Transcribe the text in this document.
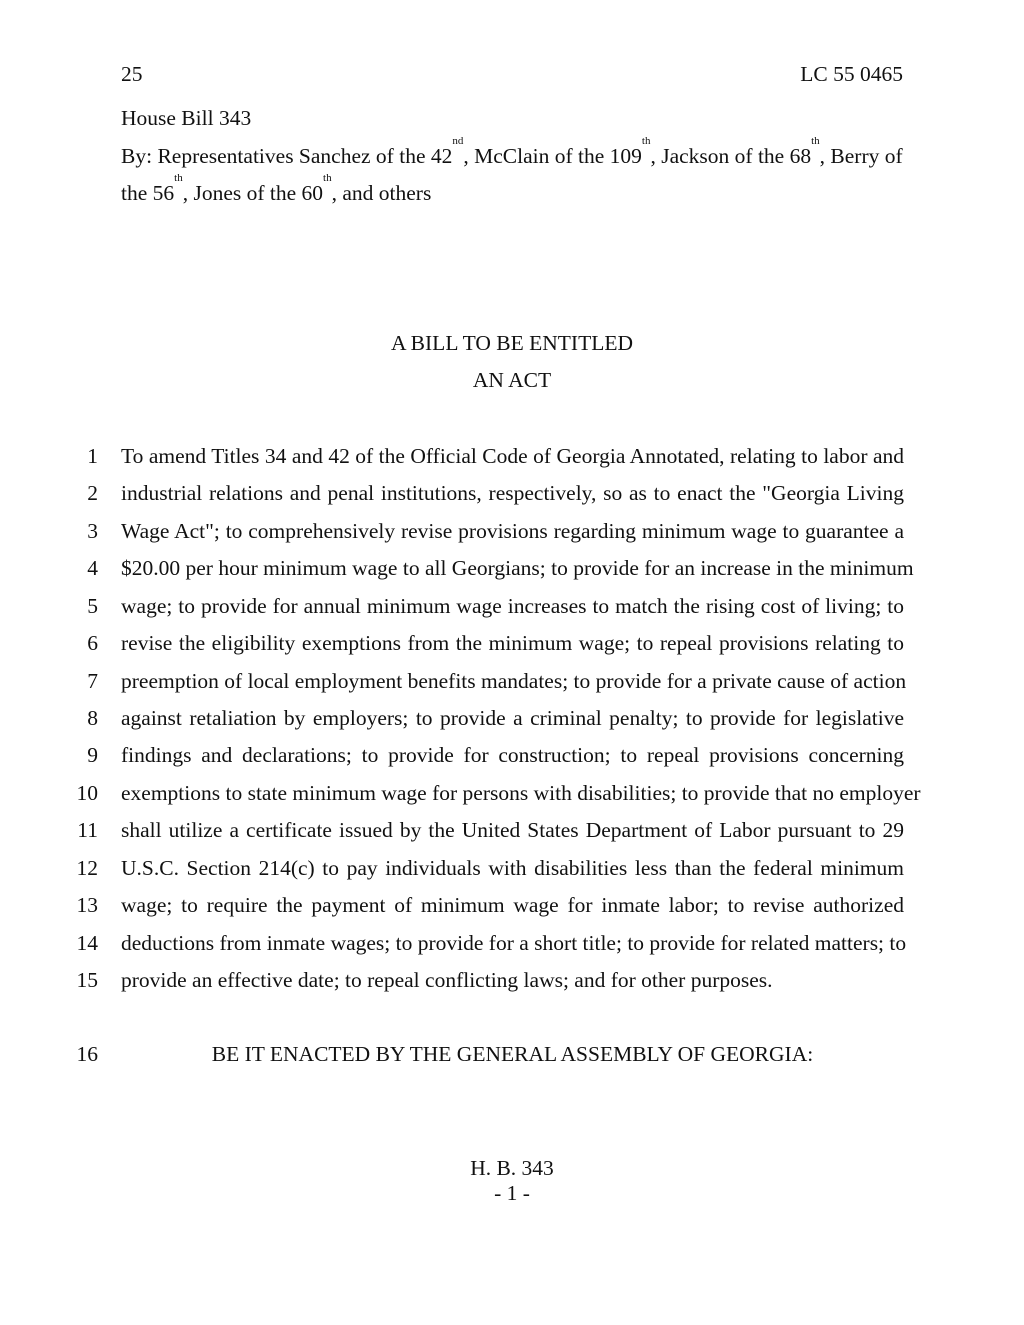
25	LC 55 0465
House Bill 343
By: Representatives Sanchez of the 42nd, McClain of the 109th, Jackson of the 68th, Berry of
the 56th, Jones of the 60th, and others
A BILL TO BE ENTITLED
AN ACT
1 To amend Titles 34 and 42 of the Official Code of Georgia Annotated, relating to labor and
2 industrial relations and penal institutions, respectively, so as to enact the "Georgia Living
3 Wage Act"; to comprehensively revise provisions regarding minimum wage to guarantee a
4 $20.00 per hour minimum wage to all Georgians; to provide for an increase in the minimum
5 wage; to provide for annual minimum wage increases to match the rising cost of living; to
6 revise the eligibility exemptions from the minimum wage; to repeal provisions relating to
7 preemption of local employment benefits mandates; to provide for a private cause of action
8 against retaliation by employers; to provide a criminal penalty; to provide for legislative
9 findings and declarations; to provide for construction; to repeal provisions concerning
10 exemptions to state minimum wage for persons with disabilities; to provide that no employer
11 shall utilize a certificate issued by the United States Department of Labor pursuant to 29
12 U.S.C. Section 214(c) to pay individuals with disabilities less than the federal minimum
13 wage; to require the payment of minimum wage for inmate labor; to revise authorized
14 deductions from inmate wages; to provide for a short title; to provide for related matters; to
15 provide an effective date; to repeal conflicting laws; and for other purposes.
16	BE IT ENACTED BY THE GENERAL ASSEMBLY OF GEORGIA:
H. B. 343
- 1 -
